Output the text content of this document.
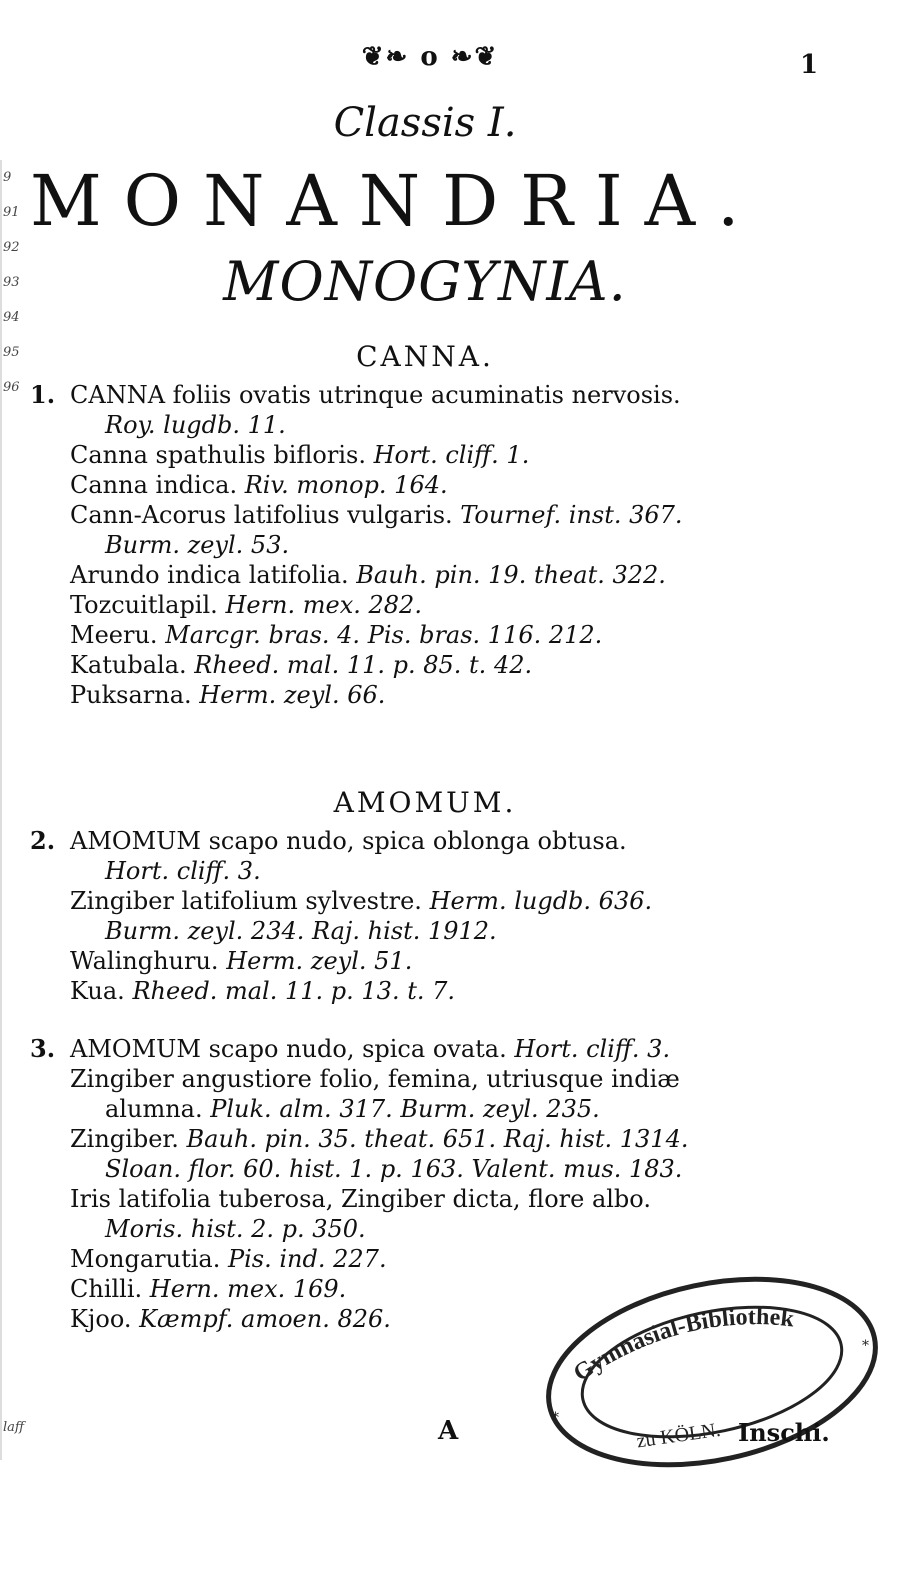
9
91
92
93
94
95
96
laff
❦❧ o ❧❦	1
Classis I.
MONANDRIA.
MONOGYNIA.
CANNA.
1. CANNA foliis ovatis utrinque acuminatis nervosis.
Roy. lugdb. 11.
Canna spathulis bifloris. Hort. cliff. 1.
Canna indica. Riv. monop. 164.
Cann-Acorus latifolius vulgaris. Tournef. inst. 367.
Burm. zeyl. 53.
Arundo indica latifolia. Bauh. pin. 19. theat. 322.
Tozcuitlapil. Hern. mex. 282.
Meeru. Marcgr. bras. 4. Pis. bras. 116. 212.
Katubala. Rheed. mal. 11. p. 85. t. 42.
Puksarna. Herm. zeyl. 66.
AMOMUM.
2. AMOMUM scapo nudo, spica oblonga obtusa.
Hort. cliff. 3.
Zingiber latifolium sylvestre. Herm. lugdb. 636.
Burm. zeyl. 234. Raj. hist. 1912.
Walinghuru. Herm. zeyl. 51.
Kua. Rheed. mal. 11. p. 13. t. 7.
3. AMOMUM scapo nudo, spica ovata. Hort. cliff. 3.
Zingiber angustiore folio, femina, utriusque indiæ
alumna. Pluk. alm. 317. Burm. zeyl. 235.
Zingiber. Bauh. pin. 35. theat. 651. Raj. hist. 1314.
Sloan. flor. 60. hist. 1. p. 163. Valent. mus. 183.
Iris latifolia tuberosa, Zingiber dicta, flore albo.
Moris. hist. 2. p. 350.
Mongarutia. Pis. ind. 227.
Chilli. Hern. mex. 169.
Kjoo. Kæmpf. amoen. 826.
A
Gymnasial-Bibliothek
zu KÖLN.
*
*
Inschi.
